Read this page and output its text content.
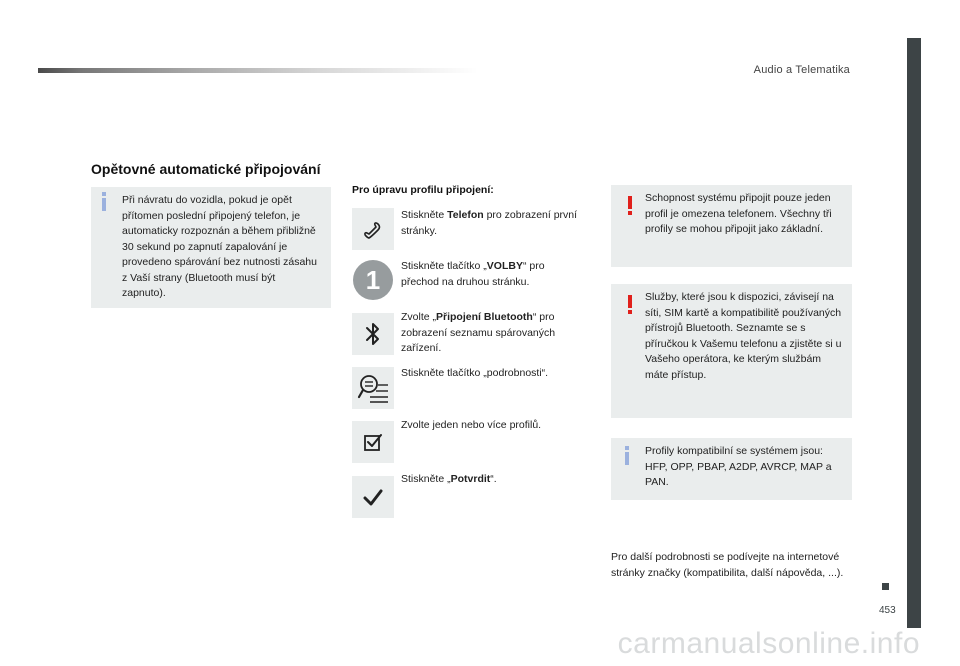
Audio a Telematika
453
Opětovné automatické připojování
Při návratu do vozidla, pokud je opět přítomen poslední připojený telefon, je automaticky rozpoznán a během přibližně 30 sekund po zapnutí zapalování je provedeno spárování bez nutnosti zásahu z Vaší strany (Bluetooth musí být zapnuto).
Pro úpravu profilu připojení:
Stiskněte Telefon pro zobrazení první stránky.
1 Stiskněte tlačítko „VOLBY“ pro přechod na druhou stránku.
Zvolte „Připojení Bluetooth“ pro zobrazení seznamu spárovaných zařízení.
Stiskněte tlačítko „podrobnosti“.
Zvolte jeden nebo více profilů.
Stiskněte „Potvrdit“.
Schopnost systému připojit pouze jeden profil je omezena telefonem. Všechny tři profily se mohou připojit jako základní.
Služby, které jsou k dispozici, závisejí na síti, SIM kartě a kompatibilitě používaných přístrojů Bluetooth. Seznamte se s příručkou k Vašemu telefonu a zjistěte si u Vašeho operátora, ke kterým službám máte přístup.
Profily kompatibilní se systémem jsou: HFP, OPP, PBAP, A2DP, AVRCP, MAP a PAN.
Pro další podrobnosti se podívejte na internetové stránky značky (kompatibilita, další nápověda, ...).
carmanualsonline.info
